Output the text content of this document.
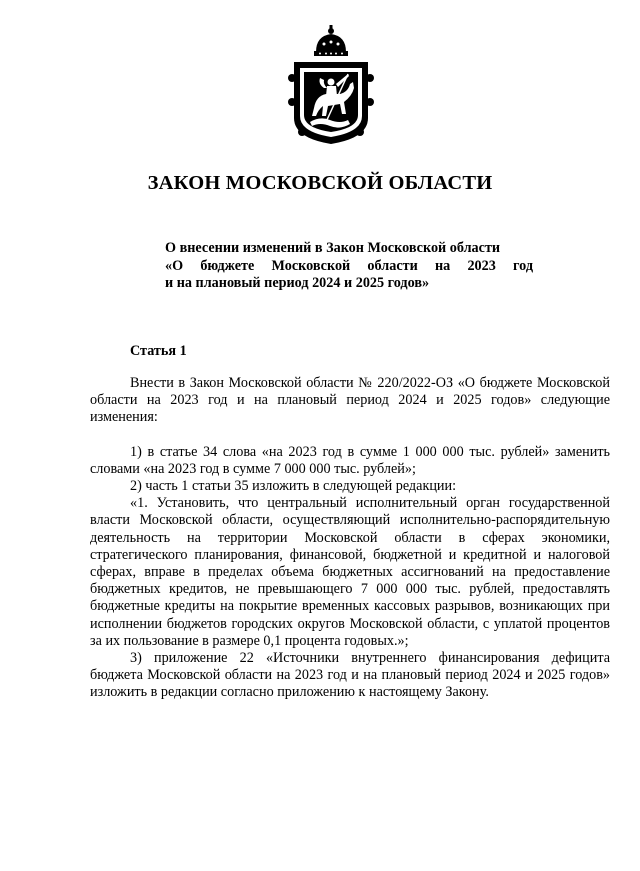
ЗАКОН МОСКОВСКОЙ ОБЛАСТИ
О внесении изменений в Закон Московской области
«О бюджете Московской области на 2023 год
и на плановый период 2024 и 2025 годов»
Статья 1

Внести в Закон Московской области № 220/2022-ОЗ «О бюджете Московской области на 2023 год и на плановый период 2024 и 2025 годов» следующие изменения:

1) в статье 34 слова «на 2023 год в сумме 1 000 000 тыс. рублей» заменить словами «на 2023 год в сумме 7 000 000 тыс. рублей»;

2) часть 1 статьи 35 изложить в следующей редакции:

«1. Установить, что центральный исполнительный орган государственной власти Московской области, осуществляющий исполнительно-распорядительную деятельность на территории Московской области в сферах экономики, стратегического планирования, финансовой, бюджетной и кредитной и налоговой сферах, вправе в пределах объема бюджетных ассигнований на предоставление бюджетных кредитов, не превышающего 7 000 000 тыс. рублей, предоставлять бюджетные кредиты на покрытие временных кассовых разрывов, возникающих при исполнении бюджетов городских округов Московской области, с уплатой процентов за их пользование в размере 0,1 процента годовых.»;

3) приложение 22 «Источники внутреннего финансирования дефицита бюджета Московской области на 2023 год и на плановый период 2024 и 2025 годов» изложить в редакции согласно приложению к настоящему Закону.
